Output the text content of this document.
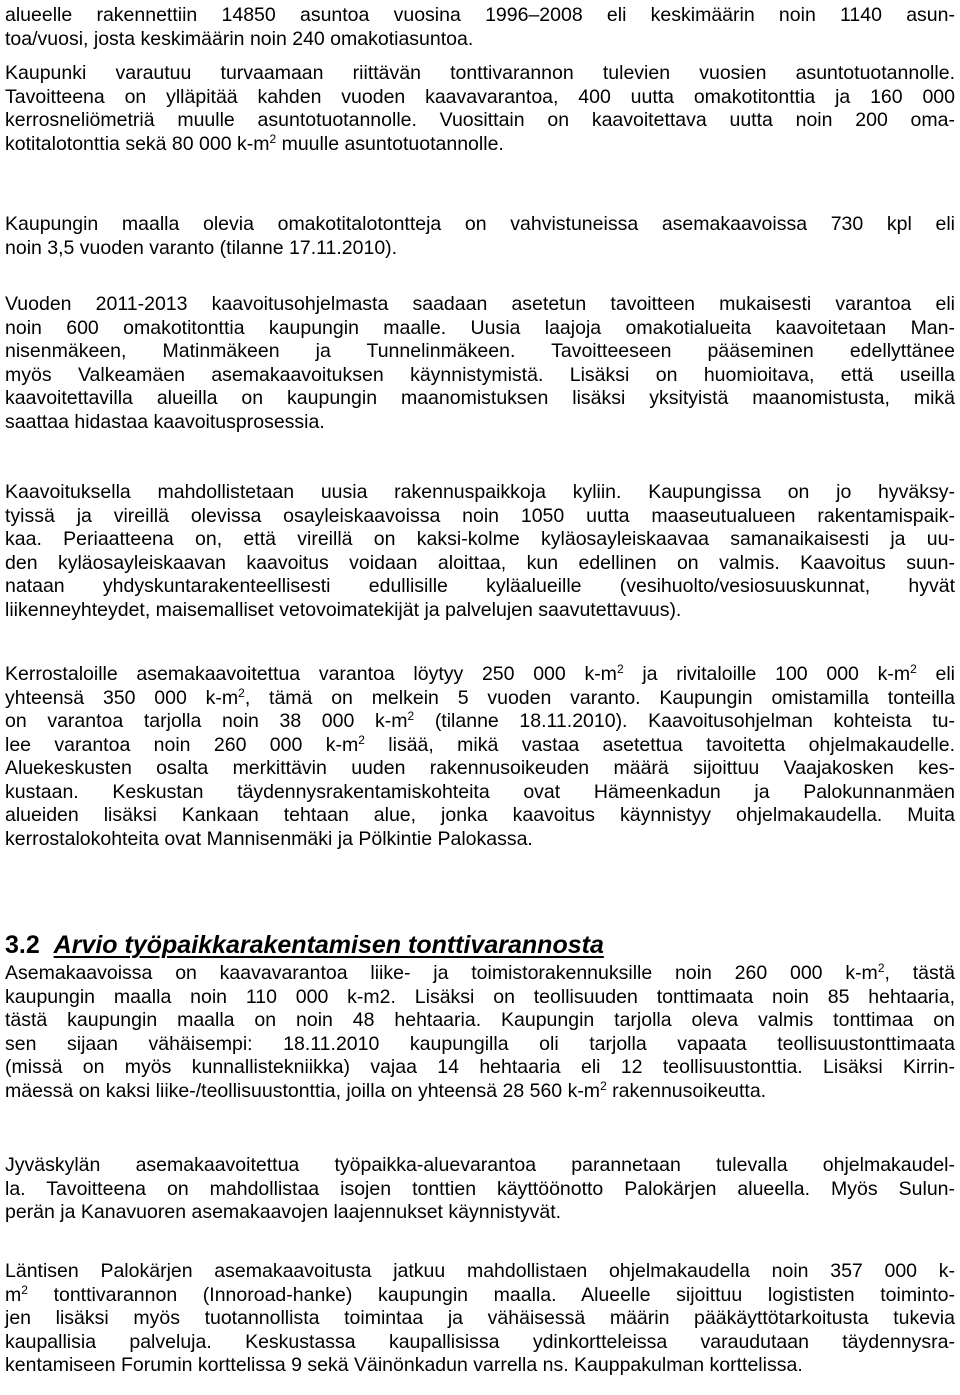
alueelle rakennettiin 14850 asuntoa vuosina 1996–2008 eli keskimäärin noin 1140 asun-
toa/vuosi, josta keskimäärin noin 240 omakotiasuntoa.
Kaupunki varautuu turvaamaan riittävän tonttivarannon tulevien vuosien asuntotuotannolle.
Tavoitteena on ylläpitää kahden vuoden kaavavarantoa, 400 uutta omakotitonttia ja 160 000
kerrosneliömetriä muulle asuntotuotannolle. Vuosittain on kaavoitettava uutta noin 200 oma-
kotitalotonttia sekä 80 000 $k-m^2$ muulle asuntotuotannolle.
Kaupungin maalla olevia omakotitalotontteja on vahvistuneissa asemakaavoissa 730 kpl eli
noin 3,5 vuoden varanto (tilanne 17.11.2010).
Vuoden 2011-2013 kaavoitusohjelmasta saadaan asetetun tavoitteen mukaisesti varantoa eli
noin 600 omakotitonttia kaupungin maalle. Uusia laajoja omakotialueita kaavoitetaan Man-
nisenmäkeen, Matinmäkeen ja Tunnelinmäkeen. Tavoitteeseen pääseminen edellyttänee
myös Valkeamäen asemakaavoituksen käynnistymistä. Lisäksi on huomioitava, että useilla
kaavoitettavilla alueilla on kaupungin maanomistuksen lisäksi yksityistä maanomistusta, mikä
saattaa hidastaa kaavoitusprosessia.
Kaavoituksella mahdollistetaan uusia rakennuspaikkoja kyliin. Kaupungissa on jo hyväksy-
tyissä ja vireillä olevissa osayleiskaavoissa noin 1050 uutta maaseutualueen rakentamispaik-
kaa. Periaatteena on, että vireillä on kaksi-kolme kyläosayleiskaavaa samanaikaisesti ja uu-
den kyläosayleiskaavan kaavoitus voidaan aloittaa, kun edellinen on valmis. Kaavoitus suun-
nataan yhdyskuntarakenteellisesti edullisille kyläalueille (vesihuolto/vesiosuuskunnat, hyvät
liikenneyhteydet, maisemalliset vetovoimatekijät ja palvelujen saavutettavuus).
Kerrostaloille asemakaavoitettua varantoa löytyy 250 000 $k-m^2$ ja rivitaloille 100 000 $k-m^2$ eli
yhteensä 350 000 $k-m^2$, tämä on melkein 5 vuoden varanto. Kaupungin omistamilla tonteilla
on varantoa tarjolla noin 38 000 $k-m^2$ (tilanne 18.11.2010). Kaavoitusohjelman kohteista tu-
lee varantoa noin 260 000 $k-m^2$ lisää, mikä vastaa asetettua tavoitetta ohjelmakaudelle.
Aluekeskusten osalta merkittävin uuden rakennusoikeuden määrä sijoittuu Vaajakosken kes-
kustaan. Keskustan täydennysrakentamiskohteita ovat Hämeenkadun ja Palokunnanmäen
alueiden lisäksi Kankaan tehtaan alue, jonka kaavoitus käynnistyy ohjelmakaudella. Muita
kerrostalokohteita ovat Mannisenmäki ja Pölkintie Palokassa.
3.2 Arvio työpaikkarakentamisen tonttivarannosta
Asemakaavoissa on kaavavarantoa liike- ja toimistorakennuksille noin 260 000 $k-m^2$, tästä
kaupungin maalla noin 110 000 k-m2. Lisäksi on teollisuuden tonttimaata noin 85 hehtaaria,
tästä kaupungin maalla on noin 48 hehtaaria. Kaupungin tarjolla oleva valmis tonttimaa on
sen sijaan vähäisempi: 18.11.2010 kaupungilla oli tarjolla vapaata teollisuustonttimaata
(missä on myös kunnallistekniikka) vajaa 14 hehtaaria eli 12 teollisuustonttia. Lisäksi Kirrin-
mäessä on kaksi liike-/teollisuustonttia, joilla on yhteensä 28 560 $k-m^2$ rakennusoikeutta.
Jyväskylän asemakaavoitettua työpaikka-aluevarantoa parannetaan tulevalla ohjelmakaudel-
la. Tavoitteena on mahdollistaa isojen tonttien käyttöönotto Palokärjen alueella. Myös Sulun-
perän ja Kanavuoren asemakaavojen laajennukset käynnistyvät.
Läntisen Palokärjen asemakaavoitusta jatkuu mahdollistaen ohjelmakaudella noin 357 000 k-
$m^2$ tonttivarannon (Innoroad-hanke) kaupungin maalla. Alueelle sijoittuu logististen toiminto-
jen lisäksi myös tuotannollista toimintaa ja vähäisessä määrin pääkäyttötarkoitusta tukevia
kaupallisia palveluja. Keskustassa kaupallisissa ydinkortteleissa varaudutaan täydennysra-
kentamiseen Forumin korttelissa 9 sekä Väinönkadun varrella ns. Kauppakulman korttelissa.
